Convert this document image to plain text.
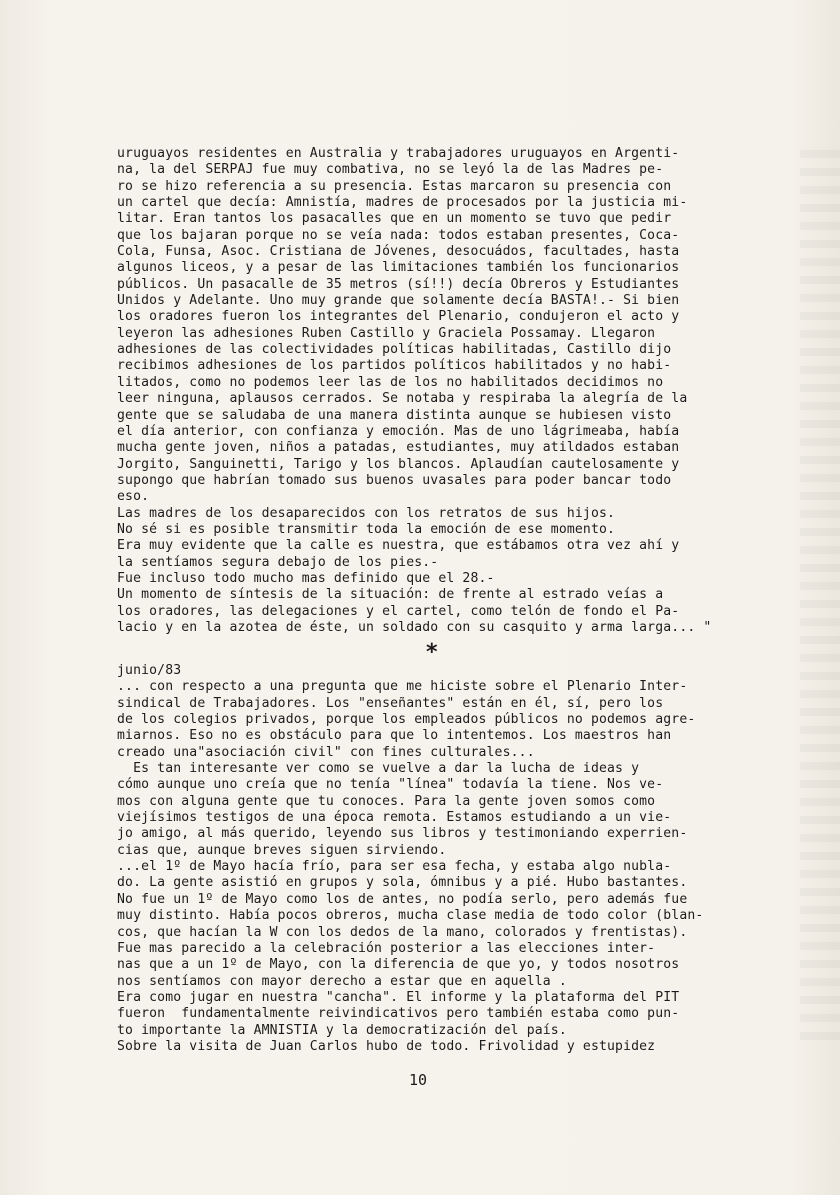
uruguayos residentes en Australia y trabajadores uruguayos en Argenti-
na, la del SERPAJ fue muy combativa, no se leyó la de las Madres pe-
ro se hizo referencia a su presencia. Estas marcaron su presencia con
un cartel que decía: Amnistía, madres de procesados por la justicia mi-
litar. Eran tantos los pasacalles que en un momento se tuvo que pedir
que los bajaran porque no se veía nada: todos estaban presentes, Coca-
Cola, Funsa, Asoc. Cristiana de Jóvenes, desocuádos, facultades, hasta
algunos liceos, y a pesar de las limitaciones también los funcionarios
públicos. Un pasacalle de 35 metros (sí!!) decía Obreros y Estudiantes
Unidos y Adelante. Uno muy grande que solamente decía BASTA!.- Si bien
los oradores fueron los integrantes del Plenario, condujeron el acto y
leyeron las adhesiones Ruben Castillo y Graciela Possamay. Llegaron
adhesiones de las colectividades políticas habilitadas, Castillo dijo
recibimos adhesiones de los partidos políticos habilitados y no habi-
litados, como no podemos leer las de los no habilitados decidimos no
leer ninguna, aplausos cerrados. Se notaba y respiraba la alegría de la
gente que se saludaba de una manera distinta aunque se hubiesen visto
el día anterior, con confianza y emoción. Mas de uno lágrimeaba, había
mucha gente joven, niños a patadas, estudiantes, muy atildados estaban
Jorgito, Sanguinetti, Tarigo y los blancos. Aplaudían cautelosamente y
supongo que habrían tomado sus buenos uvasales para poder bancar todo
eso.
Las madres de los desaparecidos con los retratos de sus hijos.
No sé si es posible transmitir toda la emoción de ese momento.
Era muy evidente que la calle es nuestra, que estábamos otra vez ahí y
la sentíamos segura debajo de los pies.-
Fue incluso todo mucho mas definido que el 28.-
Un momento de síntesis de la situación: de frente al estrado veías a
los oradores, las delegaciones y el cartel, como telón de fondo el Pa-
lacio y en la azotea de éste, un soldado con su casquito y arma larga... "
*
junio/83
... con respecto a una pregunta que me hiciste sobre el Plenario Inter-
sindical de Trabajadores. Los "enseñantes" están en él, sí, pero los
de los colegios privados, porque los empleados públicos no podemos agre-
miarnos. Eso no es obstáculo para que lo intentemos. Los maestros han
creado una"asociación civil" con fines culturales...
Es tan interesante ver como se vuelve a dar la lucha de ideas y
cómo aunque uno creía que no tenía "línea" todavía la tiene. Nos ve-
mos con alguna gente que tu conoces. Para la gente joven somos como
viejísimos testigos de una época remota. Estamos estudiando a un vie-
jo amigo, al más querido, leyendo sus libros y testimoniando experrien-
cias que, aunque breves siguen sirviendo.
...el 1º de Mayo hacía frío, para ser esa fecha, y estaba algo nubla-
do. La gente asistió en grupos y sola, ómnibus y a pié. Hubo bastantes.
No fue un 1º de Mayo como los de antes, no podía serlo, pero además fue
muy distinto. Había pocos obreros, mucha clase media de todo color (blan-
cos, que hacían la W con los dedos de la mano, colorados y frentistas).
Fue mas parecido a la celebración posterior a las elecciones inter-
nas que a un 1º de Mayo, con la diferencia de que yo, y todos nosotros
nos sentíamos con mayor derecho a estar que en aquella .
Era como jugar en nuestra "cancha". El informe y la plataforma del PIT
fueron  fundamentalmente reivindicativos pero también estaba como pun-
to importante la AMNISTIA y la democratización del país.
Sobre la visita de Juan Carlos hubo de todo. Frivolidad y estupidez
10
